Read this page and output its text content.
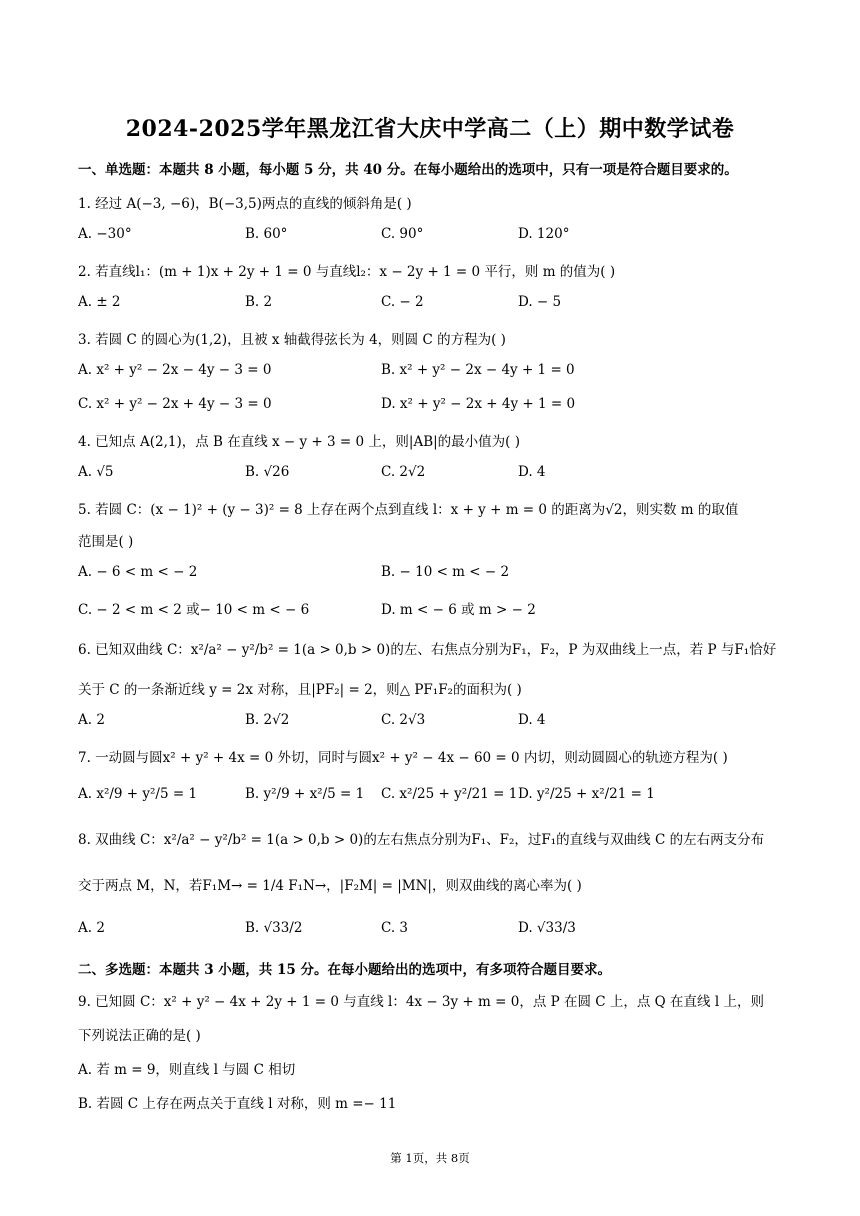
2024-2025学年黑龙江省大庆中学高二（上）期中数学试卷
一、单选题：本题共 8 小题，每小题 5 分，共 40 分。在每小题给出的选项中，只有一项是符合题目要求的。
1. 经过 A(−3, −6)，B(−3,5)两点的直线的倾斜角是( )
A. −30°	B. 60°	C. 90°	D. 120°
2. 若直线l₁：(m + 1)x + 2y + 1 = 0 与直线l₂：x − 2y + 1 = 0 平行，则 m 的值为( )
A. ± 2	B. 2	C. − 2	D. − 5
3. 若圆 C 的圆心为(1,2)，且被 x 轴截得弦长为 4，则圆 C 的方程为( )
A. x² + y² − 2x − 4y − 3 = 0	B. x² + y² − 2x − 4y + 1 = 0
C. x² + y² − 2x + 4y − 3 = 0	D. x² + y² − 2x + 4y + 1 = 0
4. 已知点 A(2,1)，点 B 在直线 x − y + 3 = 0 上，则|AB|的最小值为( )
A. √5	B. √26	C. 2√2	D. 4
5. 若圆 C：(x − 1)² + (y − 3)² = 8 上存在两个点到直线 l：x + y + m = 0 的距离为√2，则实数 m 的取值
范围是( )
A. − 6 < m < − 2	B. − 10 < m < − 2
C. − 2 < m < 2 或− 10 < m < − 6	D. m < − 6 或 m > − 2
6. 已知双曲线 C：x²/a² − y²/b² = 1(a > 0,b > 0)的左、右焦点分别为F₁，F₂，P 为双曲线上一点，若 P 与F₁恰好
关于 C 的一条渐近线 y = 2x 对称，且|PF₂| = 2，则△ PF₁F₂的面积为( )
A. 2	B. 2√2	C. 2√3	D. 4
7. 一动圆与圆x² + y² + 4x = 0 外切，同时与圆x² + y² − 4x − 60 = 0 内切，则动圆圆心的轨迹方程为( )
A. x²/9 + y²/5 = 1	B. y²/9 + x²/5 = 1 C. x²/25 + y²/21 = 1 D. y²/25 + x²/21 = 1
8. 双曲线 C：x²/a² − y²/b² = 1(a > 0,b > 0)的左右焦点分别为F₁、F₂，过F₁的直线与双曲线 C 的左右两支分布
交于两点 M，N，若F₁M→ = 1/4 F₁N→，|F₂M| = |MN|，则双曲线的离心率为( )
A. 2	B. √33/2	C. 3	D. √33/3
二、多选题：本题共 3 小题，共 15 分。在每小题给出的选项中，有多项符合题目要求。
9. 已知圆 C：x² + y² − 4x + 2y + 1 = 0 与直线 l：4x − 3y + m = 0，点 P 在圆 C 上，点 Q 在直线 l 上，则
下列说法正确的是( )
A. 若 m = 9，则直线 l 与圆 C 相切
B. 若圆 C 上存在两点关于直线 l 对称，则 m =− 11
第 1页，共 8页
